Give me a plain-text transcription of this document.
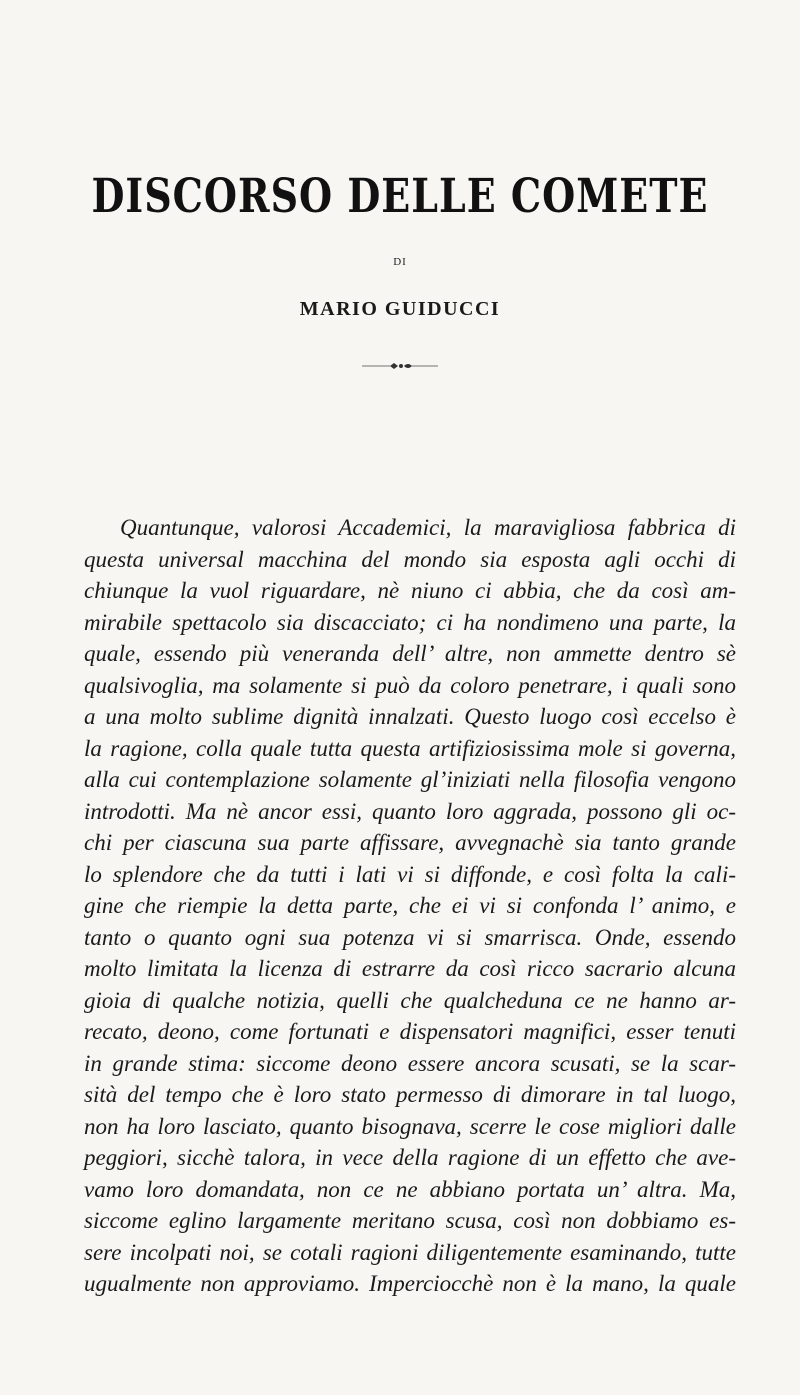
DISCORSO DELLE COMETE
DI
MARIO GUIDUCCI
Quantunque, valorosi Accademici, la maravigliosa fabbrica di
questa universal macchina del mondo sia esposta agli occhi di
chiunque la vuol riguardare, nè niuno ci abbia, che da così am-
mirabile spettacolo sia discacciato; ci ha nondimeno una parte, la
quale, essendo più veneranda dell’ altre, non ammette dentro sè
qualsivoglia, ma solamente si può da coloro penetrare, i quali sono
a una molto sublime dignità innalzati. Questo luogo così eccelso è
la ragione, colla quale tutta questa artifiziosissima mole si governa,
alla cui contemplazione solamente gl’iniziati nella filosofia vengono
introdotti. Ma nè ancor essi, quanto loro aggrada, possono gli oc-
chi per ciascuna sua parte affissare, avvegnachè sia tanto grande
lo splendore che da tutti i lati vi si diffonde, e così folta la cali-
gine che riempie la detta parte, che ei vi si confonda l’ animo, e
tanto o quanto ogni sua potenza vi si smarrisca. Onde, essendo
molto limitata la licenza di estrarre da così ricco sacrario alcuna
gioia di qualche notizia, quelli che qualcheduna ce ne hanno ar-
recato, deono, come fortunati e dispensatori magnifici, esser tenuti
in grande stima: siccome deono essere ancora scusati, se la scar-
sità del tempo che è loro stato permesso di dimorare in tal luogo,
non ha loro lasciato, quanto bisognava, scerre le cose migliori dalle
peggiori, sicchè talora, in vece della ragione di un effetto che ave-
vamo loro domandata, non ce ne abbiano portata un’ altra. Ma,
siccome eglino largamente meritano scusa, così non dobbiamo es-
sere incolpati noi, se cotali ragioni diligentemente esaminando, tutte
ugualmente non approviamo. Imperciocchè non è la mano, la quale
